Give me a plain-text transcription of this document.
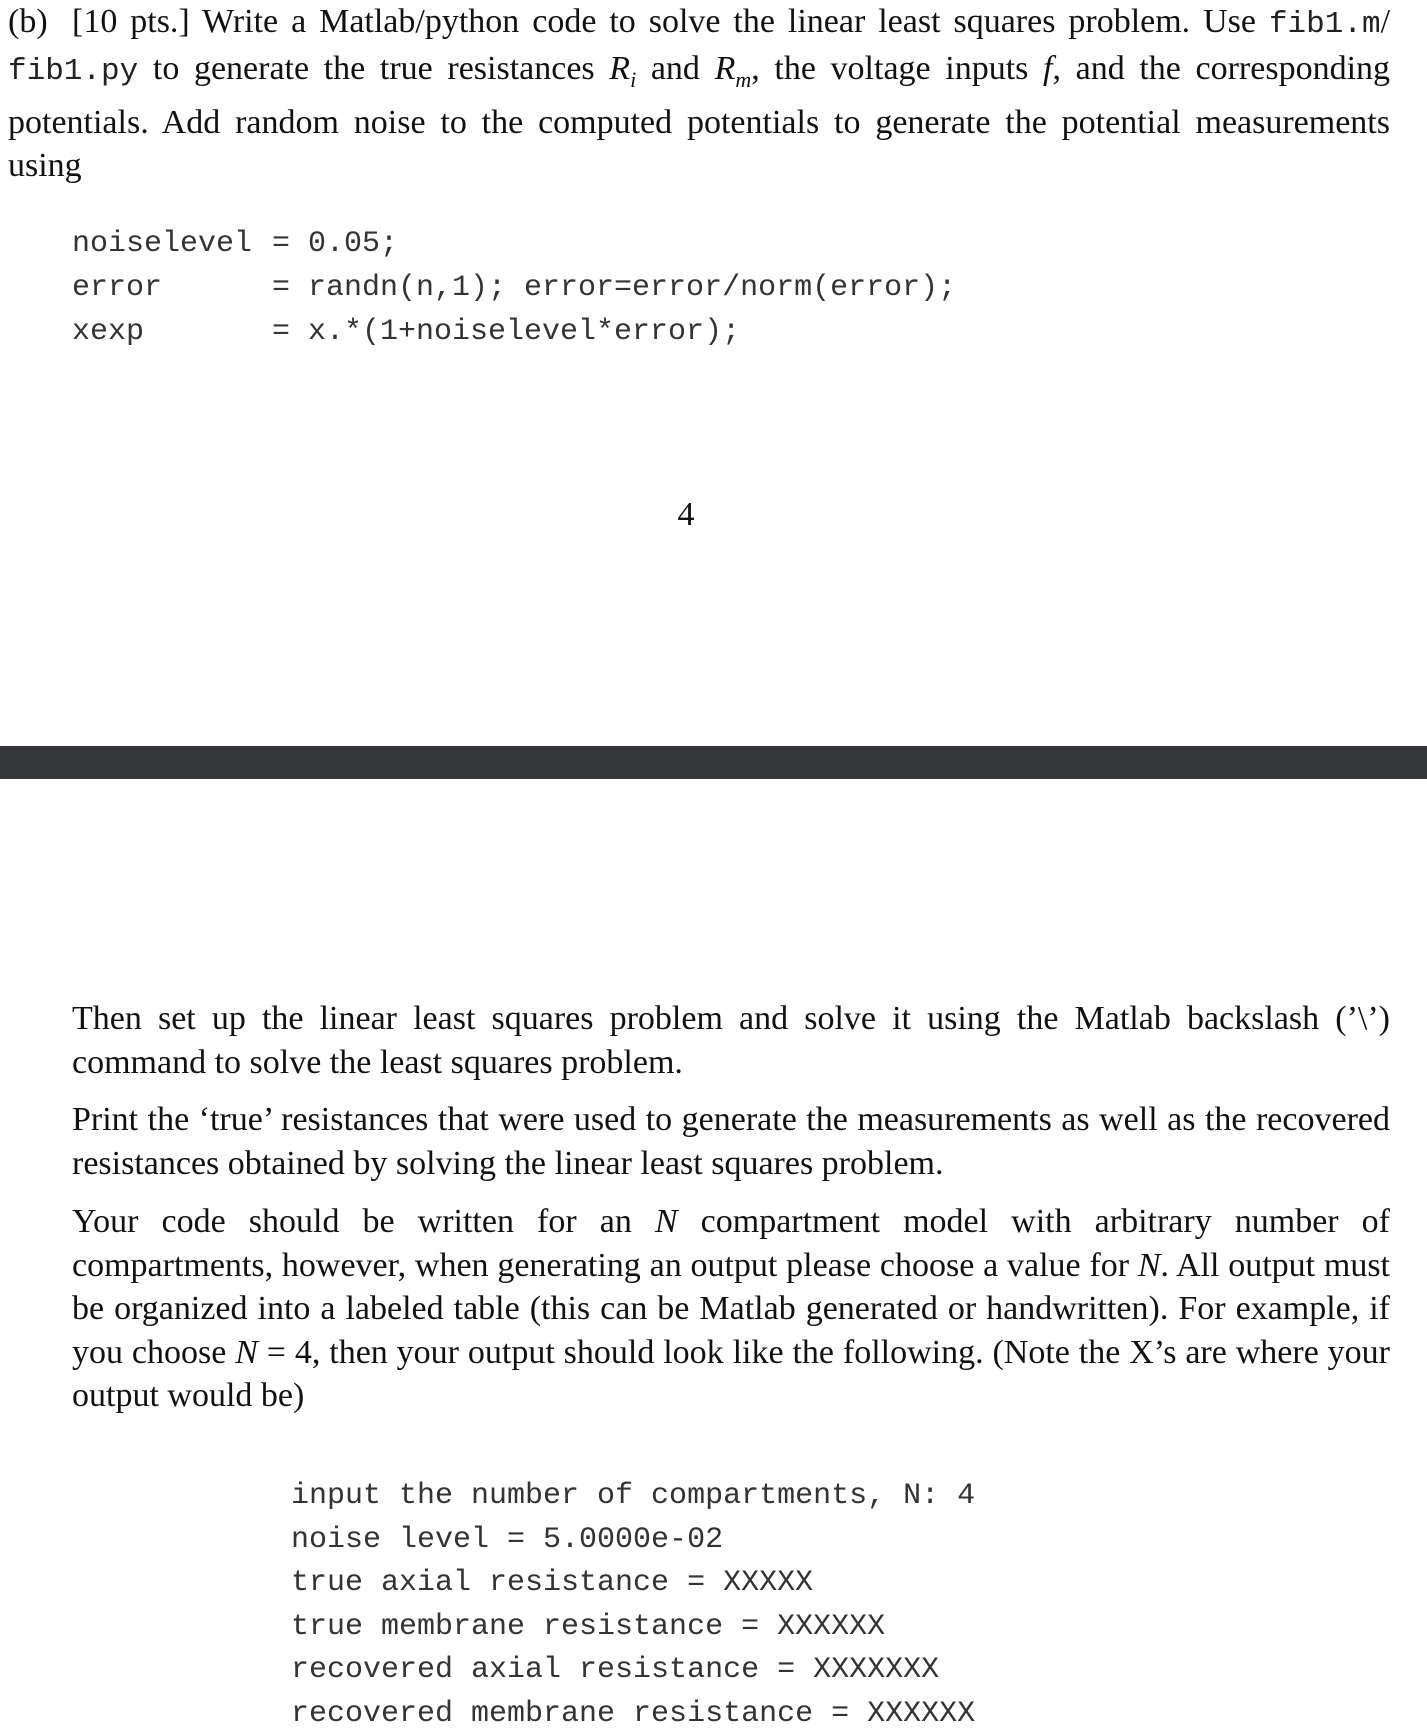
(b) [10 pts.] Write a Matlab/python code to solve the linear least squares problem. Use fib1.m/ fib1.py to generate the true resistances $R_i$ and $R_m$, the voltage inputs f, and the corresponding potentials. Add random noise to the computed potentials to generate the potential measurements using
noiselevel = 0.05;
error	= randn(n,1); error=error/norm(error);
xexp	= x.*(1+noiselevel*error);
4
Then set up the linear least squares problem and solve it using the Matlab backslash (’\’) command to solve the least squares problem.
Print the ‘true’ resistances that were used to generate the measurements as well as the recovered resistances obtained by solving the linear least squares problem.
Your code should be written for an N compartment model with arbitrary number of compartments, however, when generating an output please choose a value for N. All output must be organized into a labeled table (this can be Matlab generated or handwritten). For example, if you choose N = 4, then your output should look like the following. (Note the X’s are where your output would be)
input the number of compartments, N: 4
noise level = 5.0000e-02
true axial resistance = XXXXX
true membrane resistance = XXXXXX
recovered axial resistance = XXXXXXX
recovered membrane resistance = XXXXXX
